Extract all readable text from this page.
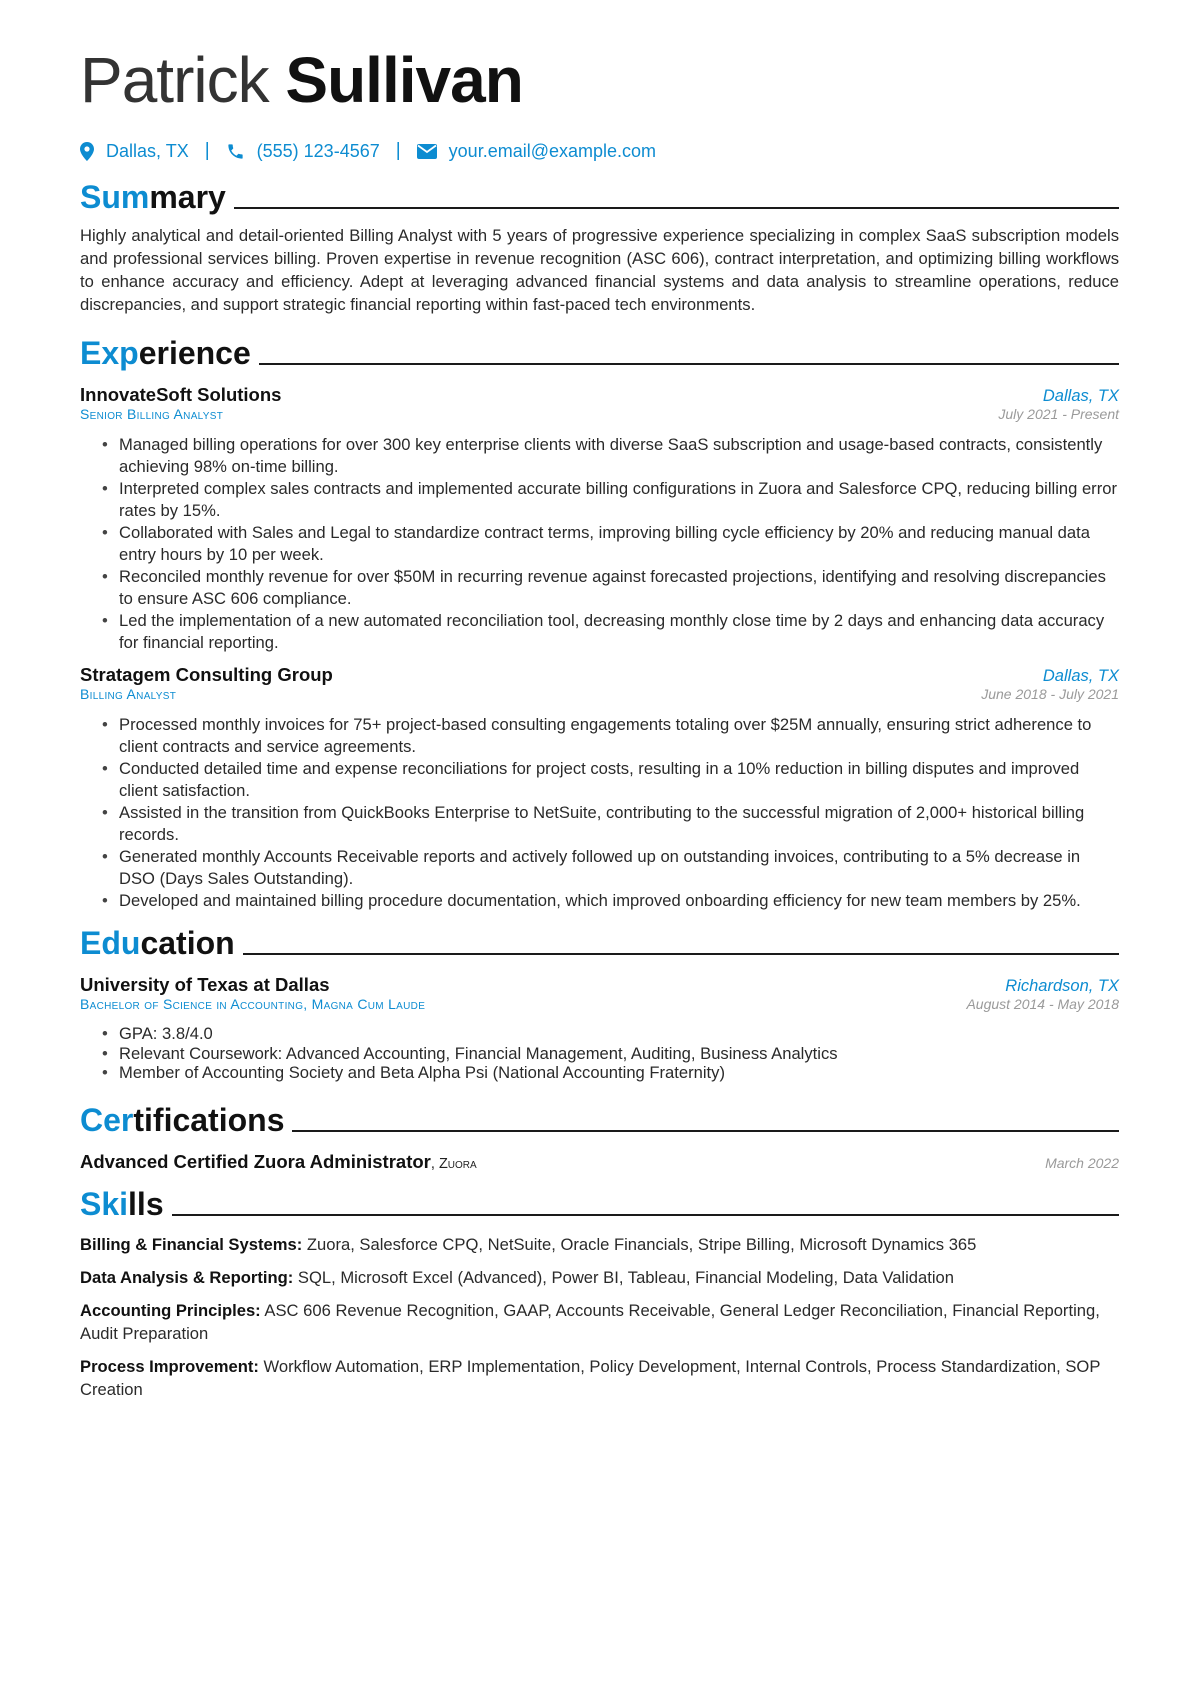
Patrick Sullivan
Dallas, TX |	(555) 123-4567 |	your.email@example.com
Summary

Highly analytical and detail-oriented Billing Analyst with 5 years of progressive experience specializing in complex SaaS subscription models and professional services billing. Proven expertise in revenue recognition (ASC 606), contract interpretation, and optimizing billing workflows to enhance accuracy and efficiency. Adept at leveraging advanced financial systems and data analysis to streamline operations, reduce discrepancies, and support strategic financial reporting within fast-paced tech environments.

Experience
InnovateSoft Solutions	Dallas, TX
Senior Billing Analyst	July 2021 - Present
• Managed billing operations for over 300 key enterprise clients with diverse SaaS subscription and usage-based contracts, consistently achieving 98% on-time billing.
• Interpreted complex sales contracts and implemented accurate billing configurations in Zuora and Salesforce CPQ, reducing billing error rates by 15%.
• Collaborated with Sales and Legal to standardize contract terms, improving billing cycle efficiency by 20% and reducing manual data entry hours by 10 per week.
• Reconciled monthly revenue for over $50M in recurring revenue against forecasted projections, identifying and resolving discrepancies to ensure ASC 606 compliance.
• Led the implementation of a new automated reconciliation tool, decreasing monthly close time by 2 days and enhancing data accuracy for financial reporting.
Stratagem Consulting Group	Dallas, TX
Billing Analyst	June 2018 - July 2021
• Processed monthly invoices for 75+ project-based consulting engagements totaling over $25M annually, ensuring strict adherence to client contracts and service agreements.
• Conducted detailed time and expense reconciliations for project costs, resulting in a 10% reduction in billing disputes and improved client satisfaction.
• Assisted in the transition from QuickBooks Enterprise to NetSuite, contributing to the successful migration of 2,000+ historical billing records.
• Generated monthly Accounts Receivable reports and actively followed up on outstanding invoices, contributing to a 5% decrease in DSO (Days Sales Outstanding).
• Developed and maintained billing procedure documentation, which improved onboarding efficiency for new team members by 25%.
Education
University of Texas at Dallas	Richardson, TX
Bachelor of Science in Accounting, Magna Cum Laude	August 2014 - May 2018
• GPA: 3.8/4.0
• Relevant Coursework: Advanced Accounting, Financial Management, Auditing, Business Analytics
• Member of Accounting Society and Beta Alpha Psi (National Accounting Fraternity)
Certifications
Advanced Certified Zuora Administrator, Zuora	March 2022
Skills

Billing & Financial Systems: Zuora, Salesforce CPQ, NetSuite, Oracle Financials, Stripe Billing, Microsoft Dynamics 365

Data Analysis & Reporting: SQL, Microsoft Excel (Advanced), Power BI, Tableau, Financial Modeling, Data Validation

Accounting Principles: ASC 606 Revenue Recognition, GAAP, Accounts Receivable, General Ledger Reconciliation, Financial Reporting, Audit Preparation

Process Improvement: Workflow Automation, ERP Implementation, Policy Development, Internal Controls, Process Standardization, SOP Creation
